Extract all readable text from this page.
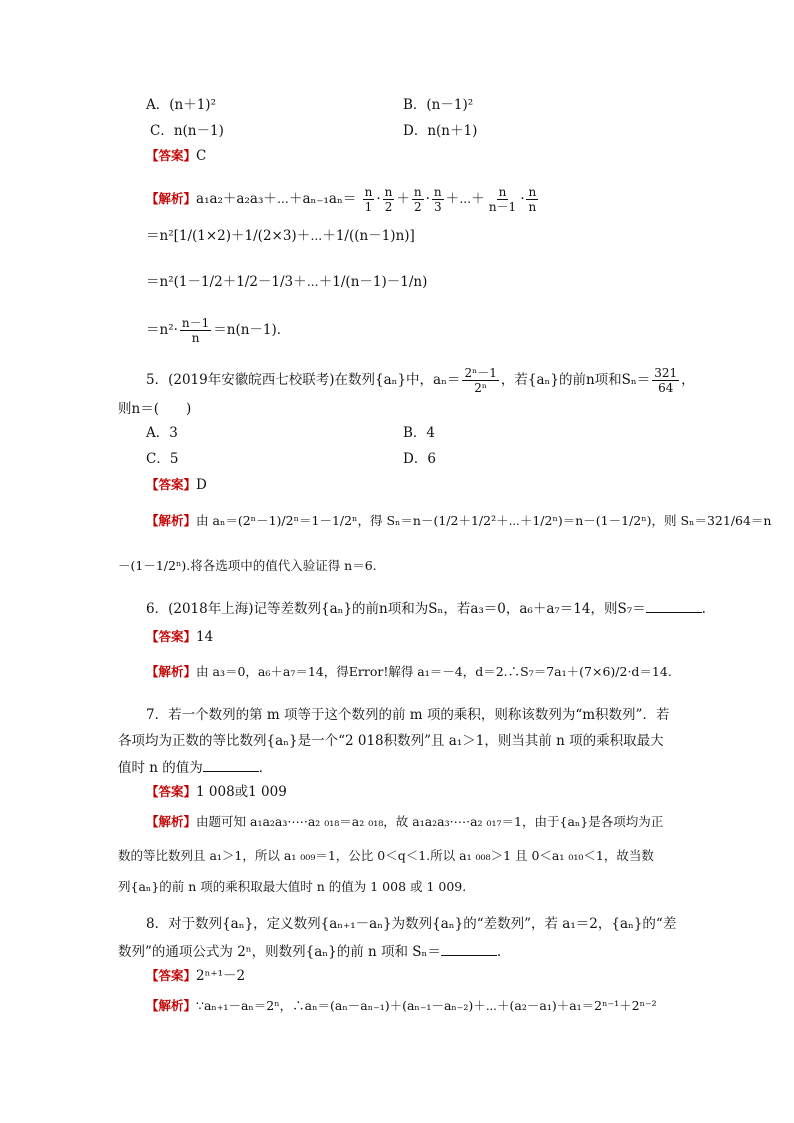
A．(n＋1)²	B．(n－1)²
C．n(n－1)	D．n(n＋1)
【答案】C
【解析】a₁a₂＋a₂a₃＋⋯＋aₙ₋₁aₙ＝ $\frac{n}{1} \cdot \frac{n}{2} + \frac{n}{2} \cdot \frac{n}{3}$ ＋⋯＋ $\frac{n}{n-1} \cdot \frac{n}{n}$
＝n²[1/(1×2)＋1/(2×3)＋⋯＋1/((n－1)n)]
＝n²(1－1/2＋1/2－1/3＋⋯＋1/(n－1)－1/n)
$=n^2\cdot \frac{n-1}{n} =n(n-1)$．
5．(2019年安徽皖西七校联考)在数列{aₙ}中，$a_n= \frac{\text{2ⁿ－1}}{\text{2ⁿ}}$ ，若{aₙ}的前n项和$S_n= \frac{321}{64}$ ，
则n＝(　　)
A．3	B．4
C．5	D．6
【答案】D
【解析】由 aₙ＝(2ⁿ－1)/2ⁿ＝1－1/2ⁿ，得 Sₙ＝n－(1/2＋1/2²＋⋯＋1/2ⁿ)＝n－(1－1/2ⁿ)，则 Sₙ＝321/64＝n
－(1－1/2ⁿ).将各选项中的值代入验证得 n＝6.
6．(2018年上海)记等差数列{aₙ}的前n项和为Sₙ，若a₃＝0，a₆＋a₇＝14，则S₇＝	.
【答案】14
【解析】由 a₃＝0，a₆＋a₇＝14，得Error!解得 a₁＝－4，d＝2.∴S₇＝7a₁＋(7×6)/2·d＝14.
7．若一个数列的第 m 项等于这个数列的前 m 项的乘积，则称该数列为“m积数列”．若
各项均为正数的等比数列{aₙ}是一个“2 018积数列”且 a₁＞1，则当其前 n 项的乘积取最大
值时 n 的值为	．
【答案】1 008或1 009
【解析】由题可知 a₁a₂a₃·⋯·a₂ ₀₁₈＝a₂ ₀₁₈，故 a₁a₂a₃·⋯·a₂ ₀₁₇＝1，由于{aₙ}是各项均为正
数的等比数列且 a₁＞1，所以 a₁ ₀₀₉＝1，公比 0＜q＜1.所以 a₁ ₀₀₈＞1 且 0＜a₁ ₀₁₀＜1，故当数
列{aₙ}的前 n 项的乘积取最大值时 n 的值为 1 008 或 1 009.
8．对于数列{aₙ}，定义数列{aₙ₊₁－aₙ}为数列{aₙ}的“差数列”，若 a₁＝2，{aₙ}的“差
数列”的通项公式为 2ⁿ，则数列{aₙ}的前 n 项和 Sₙ＝	.
【答案】2ⁿ⁺¹－2
【解析】∵aₙ₊₁－aₙ＝2ⁿ，∴aₙ＝(aₙ－aₙ₋₁)＋(aₙ₋₁－aₙ₋₂)＋⋯＋(a₂－a₁)＋a₁＝2ⁿ⁻¹＋2ⁿ⁻²
